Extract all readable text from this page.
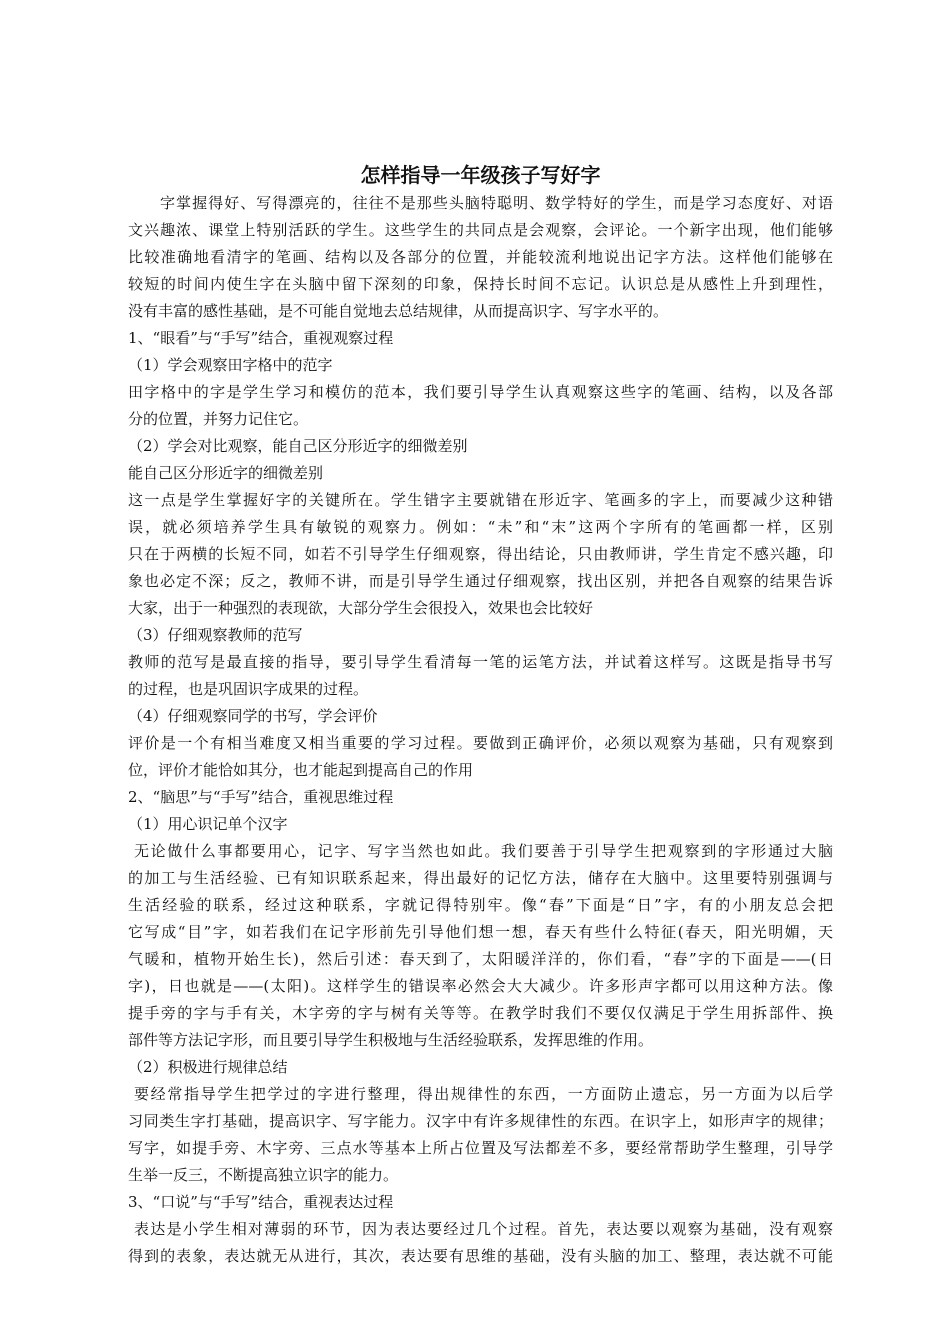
怎样指导一年级孩子写好字
字掌握得好、写得漂亮的，往往不是那些头脑特聪明、数学特好的学生，而是学习态度好、对语
文兴趣浓、课堂上特别活跃的学生。这些学生的共同点是会观察，会评论。一个新字出现，他们能够
比较准确地看清字的笔画、结构以及各部分的位置，并能较流利地说出记字方法。这样他们能够在
较短的时间内使生字在头脑中留下深刻的印象，保持长时间不忘记。认识总是从感性上升到理性，
没有丰富的感性基础，是不可能自觉地去总结规律，从而提高识字、写字水平的。
1、“眼看”与“手写”结合，重视观察过程
（1）学会观察田字格中的范字
田字格中的字是学生学习和模仿的范本，我们要引导学生认真观察这些字的笔画、结构，以及各部
分的位置，并努力记住它。
（2）学会对比观察，能自己区分形近字的细微差别
能自己区分形近字的细微差别
这一点是学生掌握好字的关键所在。学生错字主要就错在形近字、笔画多的字上，而要减少这种错
误，就必须培养学生具有敏锐的观察力。例如：“未”和“末”这两个字所有的笔画都一样，区别
只在于两横的长短不同，如若不引导学生仔细观察，得出结论，只由教师讲，学生肯定不感兴趣，印
象也必定不深；反之，教师不讲，而是引导学生通过仔细观察，找出区别，并把各自观察的结果告诉
大家，出于一种强烈的表现欲，大部分学生会很投入，效果也会比较好
（3）仔细观察教师的范写
教师的范写是最直接的指导，要引导学生看清每一笔的运笔方法，并试着这样写。这既是指导书写
的过程，也是巩固识字成果的过程。
（4）仔细观察同学的书写，学会评价
评价是一个有相当难度又相当重要的学习过程。要做到正确评价，必须以观察为基础，只有观察到
位，评价才能恰如其分，也才能起到提高自己的作用
2、“脑思”与“手写”结合，重视思维过程
（1）用心识记单个汉字
无论做什么事都要用心，记字、写字当然也如此。我们要善于引导学生把观察到的字形通过大脑
的加工与生活经验、已有知识联系起来，得出最好的记忆方法，储存在大脑中。这里要特别强调与
生活经验的联系，经过这种联系，字就记得特别牢。像“春”下面是“日”字，有的小朋友总会把
它写成“目”字，如若我们在记字形前先引导他们想一想，春天有些什么特征(春天，阳光明媚，天
气暖和，植物开始生长)，然后引述：春天到了，太阳暖洋洋的，你们看，“春”字的下面是——(日
字)，日也就是——(太阳)。这样学生的错误率必然会大大减少。许多形声字都可以用这种方法。像
提手旁的字与手有关，木字旁的字与树有关等等。在教学时我们不要仅仅满足于学生用拆部件、换
部件等方法记字形，而且要引导学生积极地与生活经验联系，发挥思维的作用。
（2）积极进行规律总结
要经常指导学生把学过的字进行整理，得出规律性的东西，一方面防止遗忘，另一方面为以后学
习同类生字打基础，提高识字、写字能力。汉字中有许多规律性的东西。在识字上，如形声字的规律；
写字，如提手旁、木字旁、三点水等基本上所占位置及写法都差不多，要经常帮助学生整理，引导学
生举一反三，不断提高独立识字的能力。
3、“口说”与“手写”结合，重视表达过程
表达是小学生相对薄弱的环节，因为表达要经过几个过程。首先，表达要以观察为基础，没有观察
得到的表象，表达就无从进行，其次，表达要有思维的基础，没有头脑的加工、整理，表达就不可能
